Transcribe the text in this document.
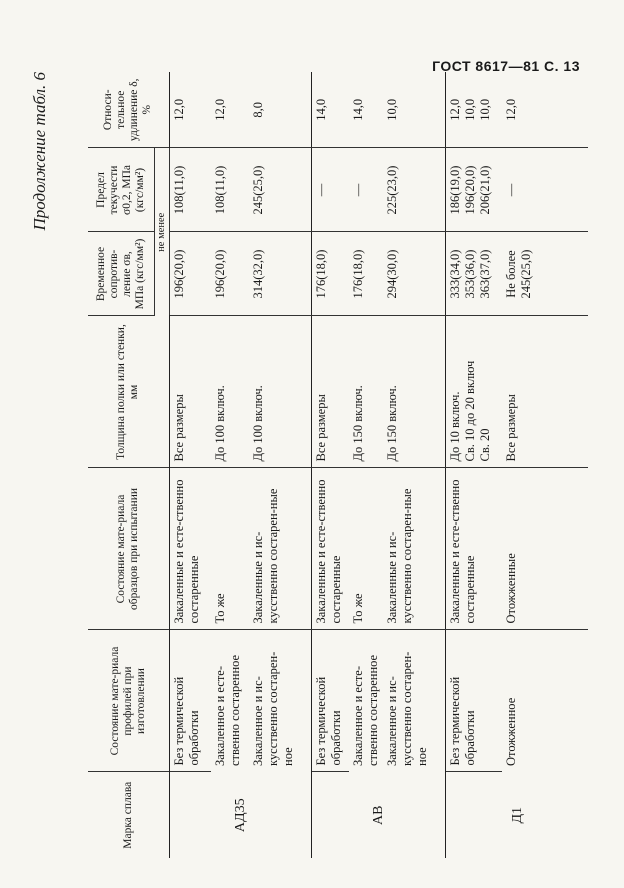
ГОСТ 8617—81 С. 13
Продолжение табл. 6
Марка сплава	Состояние мате-риала профилей при изготовлении	Состояние мате-риала образцов при испытании	Толщина полки или стенки, мм	Временное сопротив-ление σв, МПа (кгс/мм²)	Предел текучести σ0,2, МПа (кгс/мм²)	Относи-тельное удлинение δ, %
				не менее		
АД35	Без термической обработки	Закаленные и есте-ственно состаренные	Все размеры	196(20,0)	108(11,0)	12,0
	Закаленное и есте-ственно состаренное	То же	До 100 включ.	196(20,0)	108(11,0)	12,0
	Закаленное и ис-кусственно состарен-ное	Закаленные и ис-кусственно состарен-ные	До 100 включ.	314(32,0)	245(25,0)	8,0
АВ	Без термической обработки	Закаленные и есте-ственно состаренные	Все размеры	176(18,0)	—	14,0
	Закаленное и есте-ственно состаренное	То же	До 150 включ.	176(18,0)	—	14,0
	Закаленное и ис-кусственно состарен-ное	Закаленные и ис-кусственно состарен-ные	До 150 включ.	294(30,0)	225(23,0)	10,0
Д1	Без термической обработки	Закаленные и есте-ственно состаренные	До 10 включ. Св. 10 до 20 включ Св. 20	333(34,0) 353(36,0) 363(37,0)	186(19,0) 196(20,0) 206(21,0)	12,0 10,0 10,0

	Отожженное	Отожженные	Все размеры	Не более 245(25,0)	—	12,0
